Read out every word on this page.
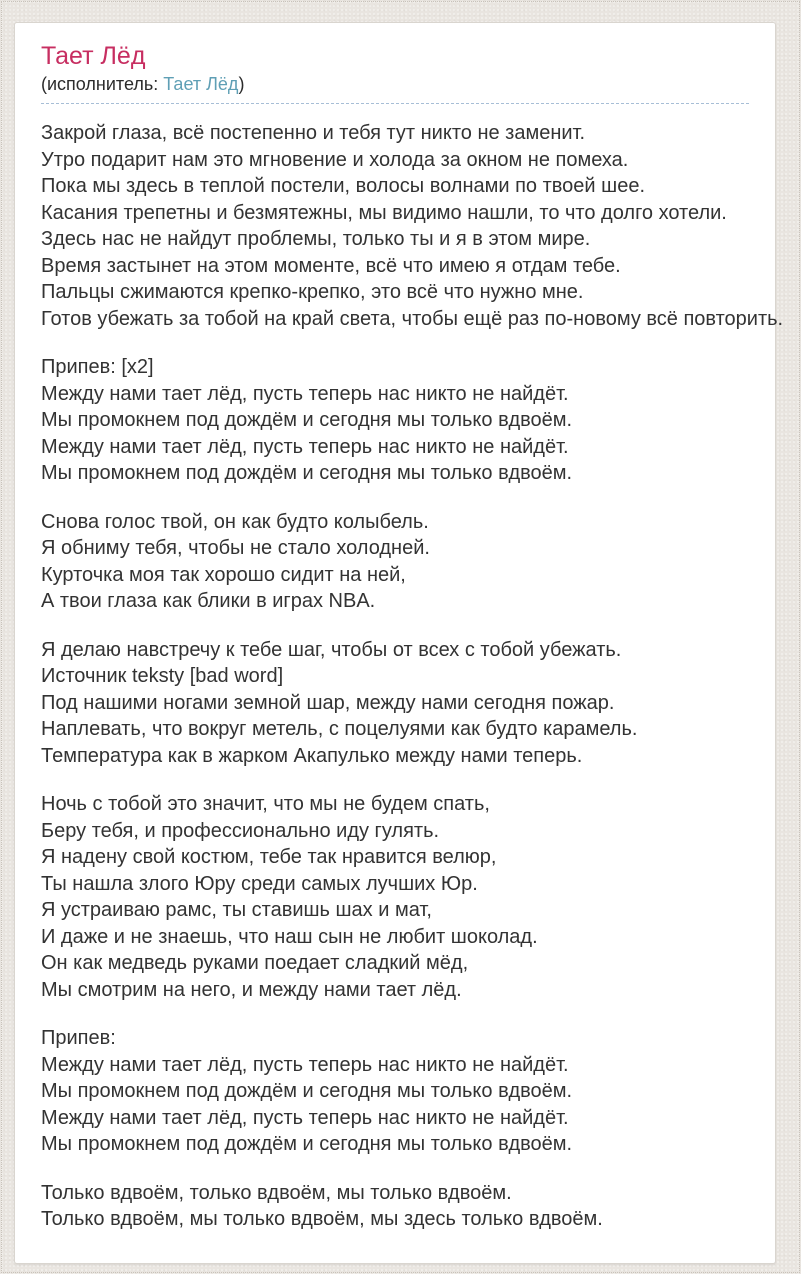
Тает Лёд
(исполнитель: Тает Лёд)
Закрой глаза, всё постепенно и тебя тут никто не заменит.
Утро подарит нам это мгновение и холода за окном не помеха.
Пока мы здесь в теплой постели, волосы волнами по твоей шее.
Касания трепетны и безмятежны, мы видимо нашли, то что долго хотели.
Здесь нас не найдут проблемы, только ты и я в этом мире.
Время застынет на этом моменте, всё что имею я отдам тебе.
Пальцы сжимаются крепко-крепко, это всё что нужно мне.
Готов убежать за тобой на край света, чтобы ещё раз по-новому всё повторить.
Припев: [x2]
Между нами тает лёд, пусть теперь нас никто не найдёт.
Мы промокнем под дождём и сегодня мы только вдвоём.
Между нами тает лёд, пусть теперь нас никто не найдёт.
Мы промокнем под дождём и сегодня мы только вдвоём.
Снова голос твой, он как будто колыбель.
Я обниму тебя, чтобы не стало холодней.
Курточка моя так хорошо сидит на ней,
А твои глаза как блики в играх NBA.
Я делаю навстречу к тебе шаг, чтобы от всех с тобой убежать.
Источник teksty [bad word]
Под нашими ногами земной шар, между нами сегодня пожар.
Наплевать, что вокруг метель, с поцелуями как будто карамель.
Температура как в жарком Акапулько между нами теперь.
Ночь с тобой это значит, что мы не будем спать,
Беру тебя, и профессионально иду гулять.
Я надену свой костюм, тебе так нравится велюр,
Ты нашла злого Юру среди самых лучших Юр.
Я устраиваю рамс, ты ставишь шах и мат,
И даже и не знаешь, что наш сын не любит шоколад.
Он как медведь руками поедает сладкий мёд,
Мы смотрим на него, и между нами тает лёд.
Припев:
Между нами тает лёд, пусть теперь нас никто не найдёт.
Мы промокнем под дождём и сегодня мы только вдвоём.
Между нами тает лёд, пусть теперь нас никто не найдёт.
Мы промокнем под дождём и сегодня мы только вдвоём.
Только вдвоём, только вдвоём, мы только вдвоём.
Только вдвоём, мы только вдвоём, мы здесь только вдвоём.
